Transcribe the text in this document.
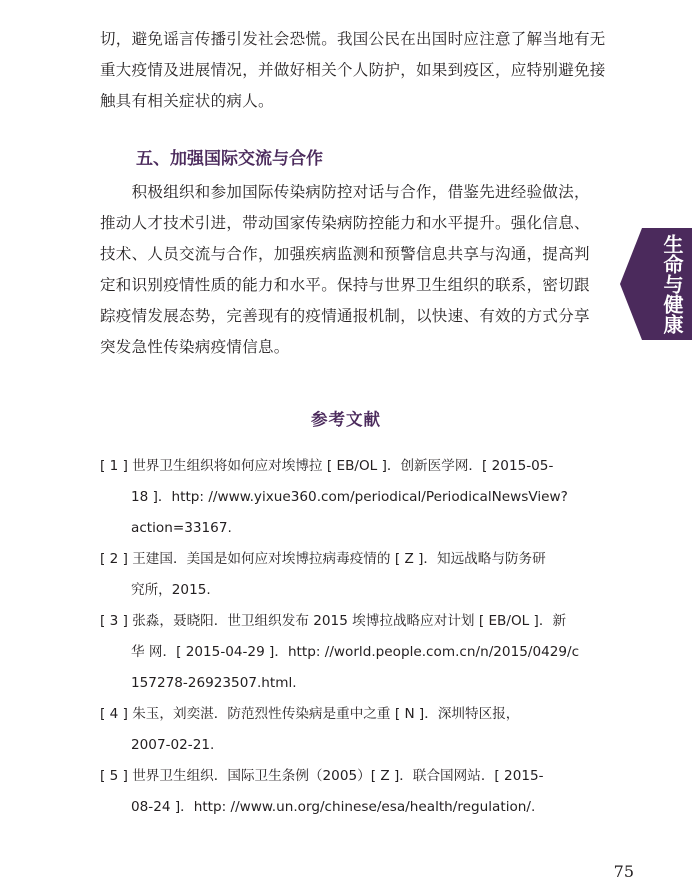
切，避免谣言传播引发社会恐慌。我国公民在出国时应注意了解当地有无
重大疫情及进展情况，并做好相关个人防护，如果到疫区，应特别避免接
触具有相关症状的病人。
五、加强国际交流与合作
　　积极组织和参加国际传染病防控对话与合作，借鉴先进经验做法，
推动人才技术引进，带动国家传染病防控能力和水平提升。强化信息、
技术、人员交流与合作，加强疾病监测和预警信息共享与沟通，提高判
定和识别疫情性质的能力和水平。保持与世界卫生组织的联系，密切跟
踪疫情发展态势，完善现有的疫情通报机制，以快速、有效的方式分享
突发急性传染病疫情信息。
参考文献
[ 1 ] 世界卫生组织将如何应对埃博拉 [ EB/OL ]．创新医学网．[ 2015-05-
18 ]．http: //www.yixue360.com/periodical/PeriodicalNewsView?
action=33167.
[ 2 ] 王建国．美国是如何应对埃博拉病毒疫情的 [ Z ]．知远战略与防务研
究所，2015.
[ 3 ] 张淼，聂晓阳．世卫组织发布 2015 埃博拉战略应对计划 [ EB/OL ]．新
华 网．[ 2015-04-29 ]．http: //world.people.com.cn/n/2015/0429/c
157278-26923507.html.
[ 4 ] 朱玉，刘奕湛．防范烈性传染病是重中之重 [ N ]．深圳特区报，
2007-02-21.
[ 5 ] 世界卫生组织．国际卫生条例（2005）[ Z ]．联合国网站．[ 2015-
08-24 ]．http: //www.un.org/chinese/esa/health/regulation/.
生命与健康
75
